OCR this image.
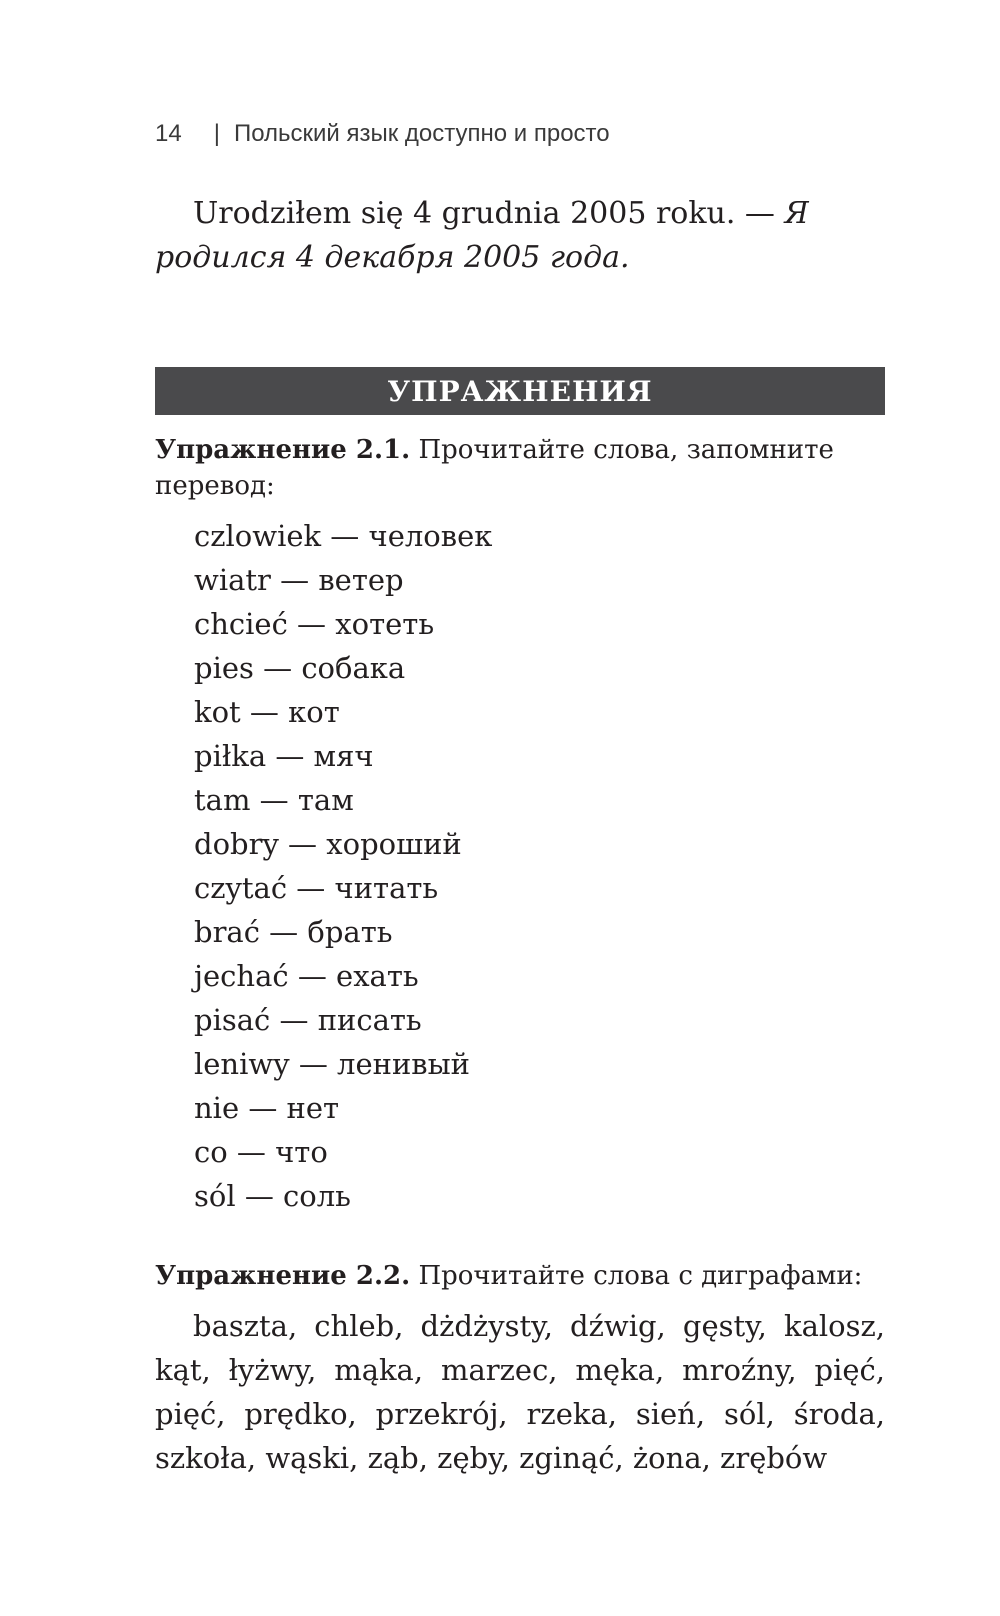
14 | Польский язык доступно и просто
Urodziłem się 4 grudnia 2005 roku. — Я родился 4 декабря 2005 года.
УПРАЖНЕНИЯ
Упражнение 2.1. Прочитайте слова, запомните перевод:
czlowiek — человек
wiatr — ветер
chcieć — хотеть
pies — собака
kot — кот
piłka — мяч
tam — там
dobry — хороший
czytać — читать
brać — брать
jechać — ехать
pisać — писать
leniwy — ленивый
nie — нет
co — что
sól — соль
Упражнение 2.2. Прочитайте слова с диграфами:
baszta, chleb, dżdżysty, dźwig, gęsty, kalosz, kąt, łyżwy, mąka, marzec, męka, mroźny, pięć, pięć, prędko, przekrój, rzeka, sień, sól, środa, szkoła, wąski, ząb, zęby, zginąć, żona, zrębów
